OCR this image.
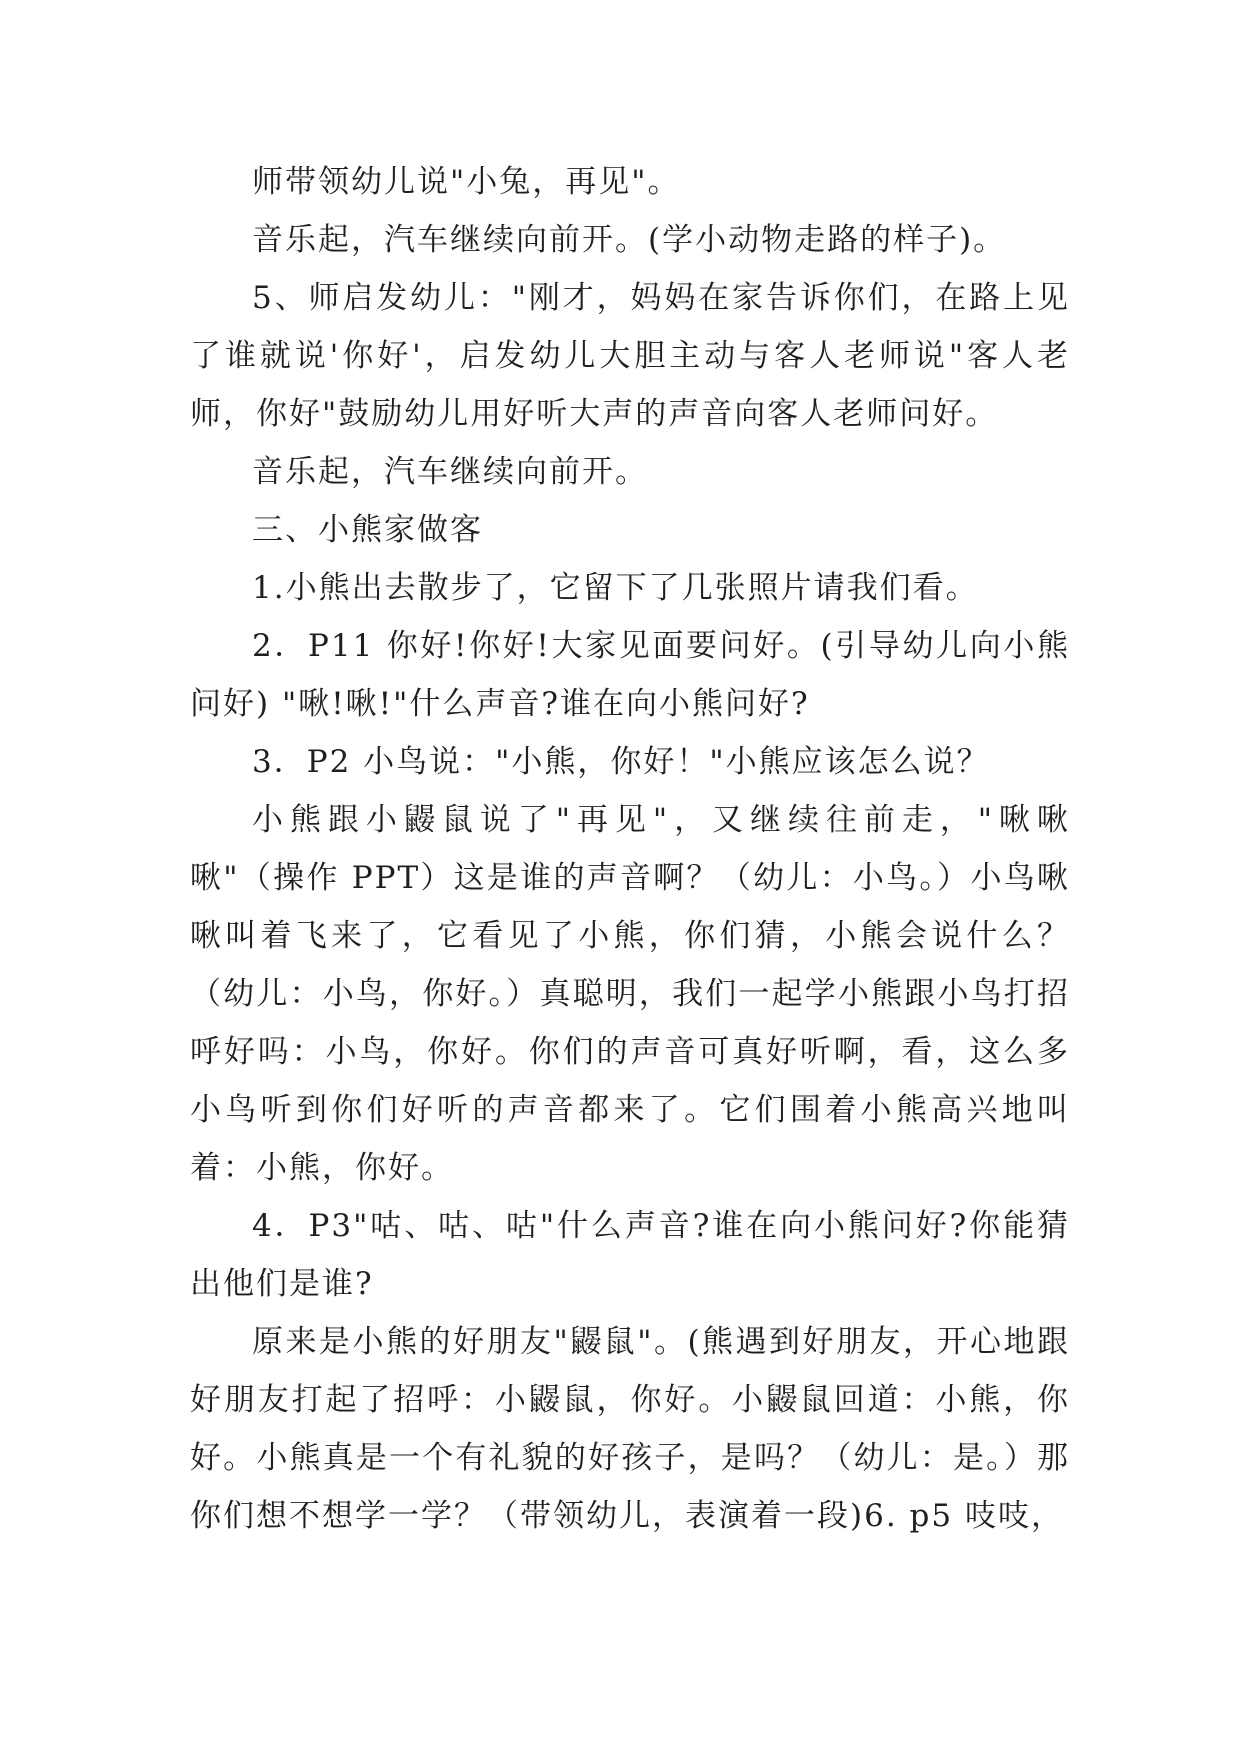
师带领幼儿说"小兔，再见"。

音乐起，汽车继续向前开。(学小动物走路的样子)。

5、师启发幼儿："刚才，妈妈在家告诉你们，在路上见了谁就说'你好'，启发幼儿大胆主动与客人老师说"客人老师，你好"鼓励幼儿用好听大声的声音向客人老师问好。

音乐起，汽车继续向前开。

三、小熊家做客

1.小熊出去散步了，它留下了几张照片请我们看。

2．P11 你好!你好!大家见面要问好。(引导幼儿向小熊问好) "啾!啾!"什么声音?谁在向小熊问好?

3．P2 小鸟说："小熊，你好！"小熊应该怎么说？

小熊跟小鼹鼠说了"再见"，又继续往前走，"啾啾啾"（操作 PPT）这是谁的声音啊？（幼儿：小鸟。）小鸟啾啾叫着飞来了，它看见了小熊，你们猜，小熊会说什么？（幼儿：小鸟，你好。）真聪明，我们一起学小熊跟小鸟打招呼好吗：小鸟，你好。你们的声音可真好听啊，看，这么多小鸟听到你们好听的声音都来了。它们围着小熊高兴地叫着：小熊，你好。

4．P3"咕、咕、咕"什么声音?谁在向小熊问好?你能猜出他们是谁?

原来是小熊的好朋友"鼹鼠"。(熊遇到好朋友，开心地跟好朋友打起了招呼：小鼹鼠，你好。小鼹鼠回道：小熊，你好。小熊真是一个有礼貌的好孩子，是吗？（幼儿：是。）那你们想不想学一学？（带领幼儿，表演着一段)6. p5 吱吱，
